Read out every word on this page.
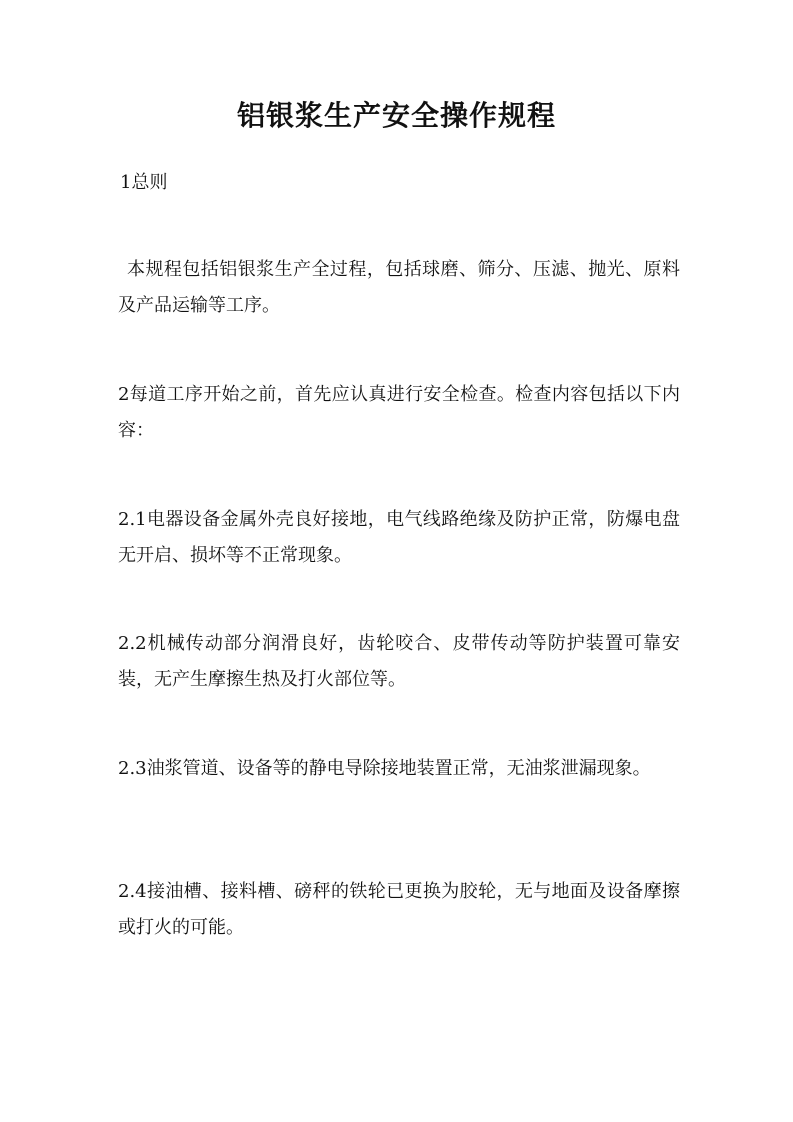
铝银浆生产安全操作规程
1总则
本规程包括铝银浆生产全过程，包括球磨、筛分、压滤、抛光、原料及产品运输等工序。
2每道工序开始之前，首先应认真进行安全检查。检查内容包括以下内容：
2.1电器设备金属外壳良好接地，电气线路绝缘及防护正常，防爆电盘无开启、损坏等不正常现象。
2.2机械传动部分润滑良好，齿轮咬合、皮带传动等防护装置可靠安装，无产生摩擦生热及打火部位等。
2.3油浆管道、设备等的静电导除接地装置正常，无油浆泄漏现象。
2.4接油槽、接料槽、磅秤的铁轮已更换为胶轮，无与地面及设备摩擦或打火的可能。
